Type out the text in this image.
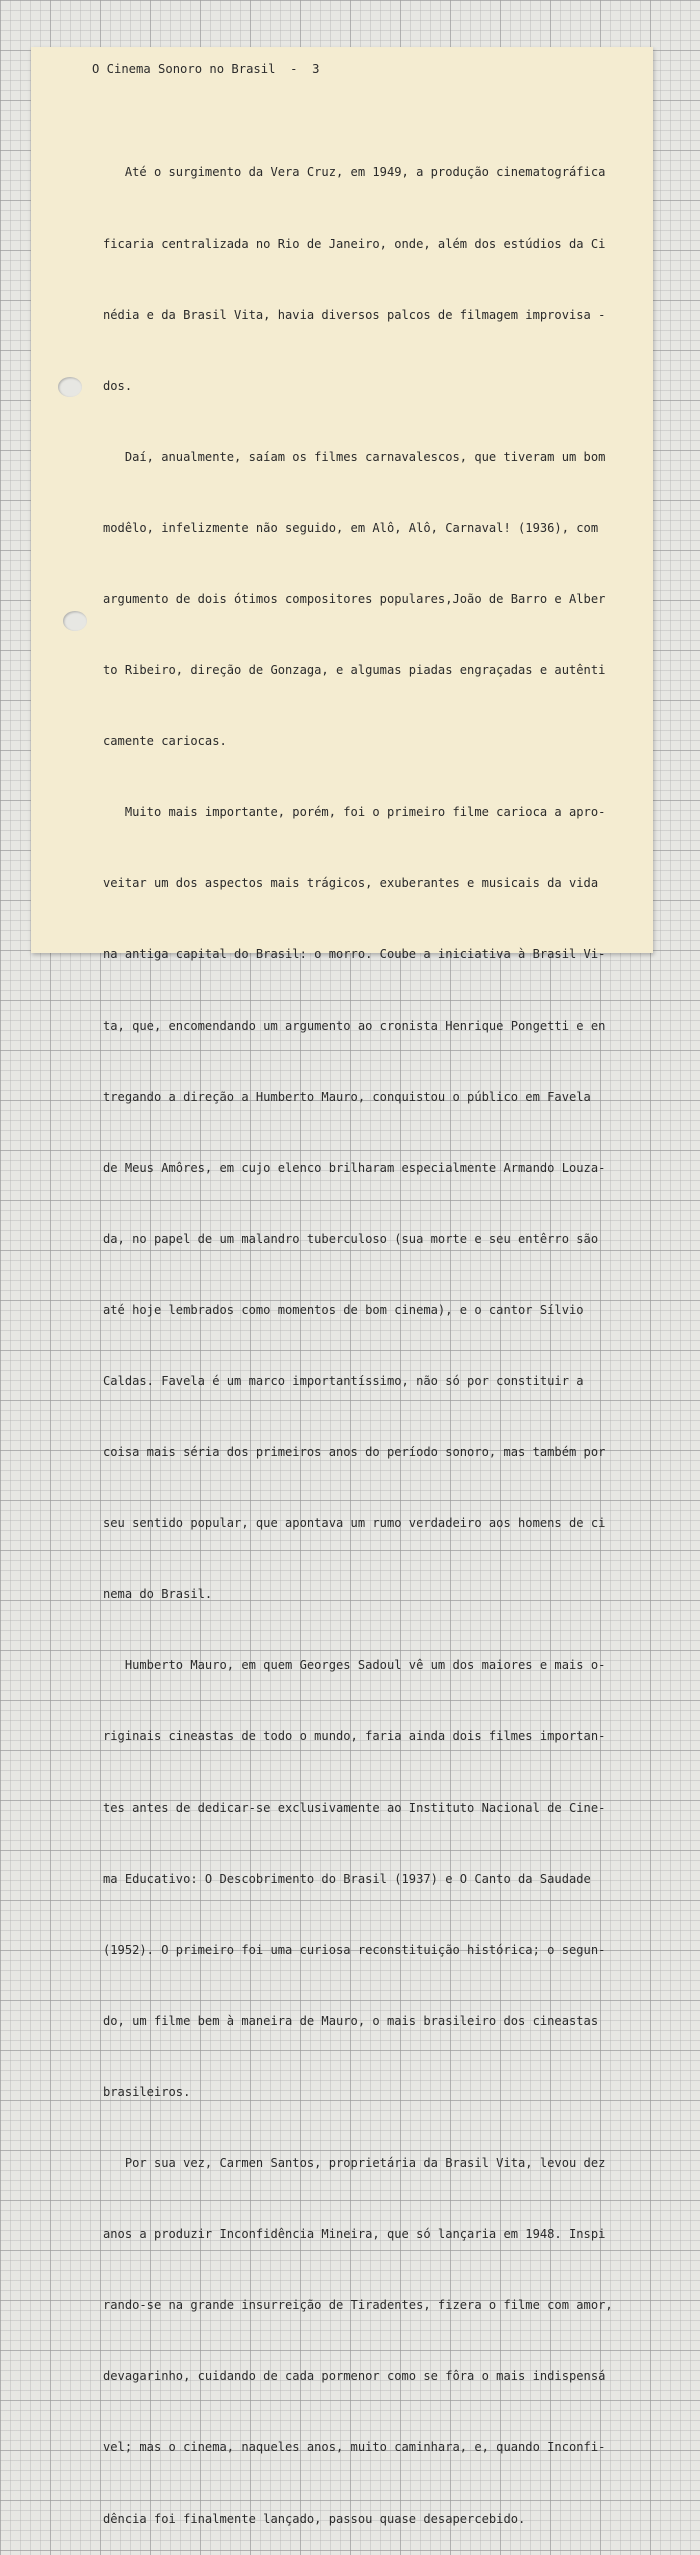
O Cinema Sonoro no Brasil  -  3

Até o surgimento da Vera Cruz, em 1949, a produção cinematográfica

ficaria centralizada no Rio de Janeiro, onde, além dos estúdios da Ci

nédia e da Brasil Vita, havia diversos palcos de filmagem improvisa -

dos.

Daí, anualmente, saíam os filmes carnavalescos, que tiveram um bom

modêlo, infelizmente não seguido, em Alô, Alô, Carnaval! (1936), com

argumento de dois ótimos compositores populares,João de Barro e Alber

to Ribeiro, direção de Gonzaga, e algumas piadas engraçadas e autênti

camente cariocas.

Muito mais importante, porém, foi o primeiro filme carioca a apro-

veitar um dos aspectos mais trágicos, exuberantes e musicais da vida

na antiga capital do Brasil: o morro. Coube a iniciativa à Brasil Vi-

ta, que, encomendando um argumento ao cronista Henrique Pongetti e en

tregando a direção a Humberto Mauro, conquistou o público em Favela

de Meus Amôres, em cujo elenco brilharam especialmente Armando Louza-

da, no papel de um malandro tuberculoso (sua morte e seu entêrro são

até hoje lembrados como momentos de bom cinema), e o cantor Sílvio

Caldas. Favela é um marco importantíssimo, não só por constituir a

coisa mais séria dos primeiros anos do período sonoro, mas também por

seu sentido popular, que apontava um rumo verdadeiro aos homens de ci

nema do Brasil.

Humberto Mauro, em quem Georges Sadoul vê um dos maiores e mais o-

riginais cineastas de todo o mundo, faria ainda dois filmes importan-

tes antes de dedicar-se exclusivamente ao Instituto Nacional de Cine-

ma Educativo: O Descobrimento do Brasil (1937) e O Canto da Saudade

(1952). O primeiro foi uma curiosa reconstituição histórica; o segun-

do, um filme bem à maneira de Mauro, o mais brasileiro dos cineastas

brasileiros.

Por sua vez, Carmen Santos, proprietária da Brasil Vita, levou dez

anos a produzir Inconfidência Mineira, que só lançaria em 1948. Inspi

rando-se na grande insurreição de Tiradentes, fizera o filme com amor,

devagarinho, cuidando de cada pormenor como se fôra o mais indispensá

vel; mas o cinema, naqueles anos, muito caminhara, e, quando Inconfi-

dência foi finalmente lançado, passou quase desapercebido.
